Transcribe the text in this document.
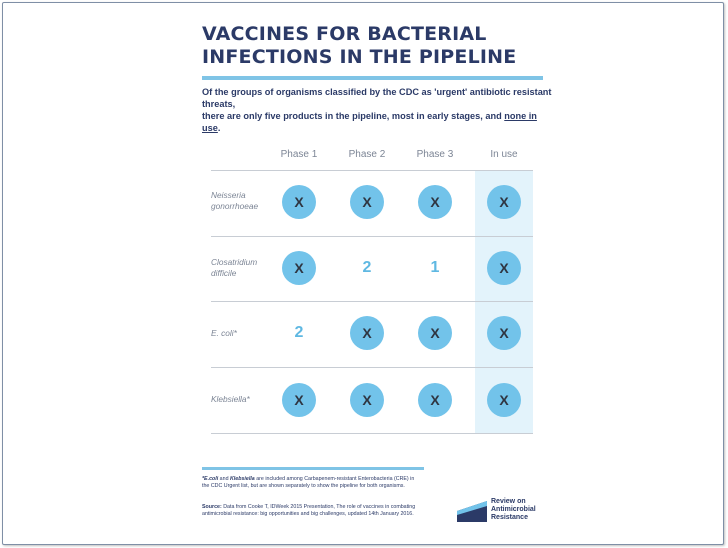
VACCINES FOR BACTERIAL
INFECTIONS IN THE PIPELINE
Of the groups of organisms classified by the CDC as 'urgent' antibiotic resistant threats,
there are only five products in the pipeline, most in early stages, and none in use.
Phase 1	Phase 2	Phase 3	In use
Neisseria
gonorrhoeae	X	X	X	X
Closatridium
difficile	X	2	1	X
E. coli*	2	X	X	X
Klebsiella*	X	X	X	X
*E.coli and Klebsiella are included among Carbapenem-resistant Enterobacteria (CRE) in the CDC Urgent list, but are shown separately to show the pipeline for both organisms.
Source: Data from Cooke T, IDWeek 2015 Presentation, The role of vaccines in combating antimicrobial resistance: big opportunities and big challenges, updated 14th January 2016.
Review on
Antimicrobial
Resistance
